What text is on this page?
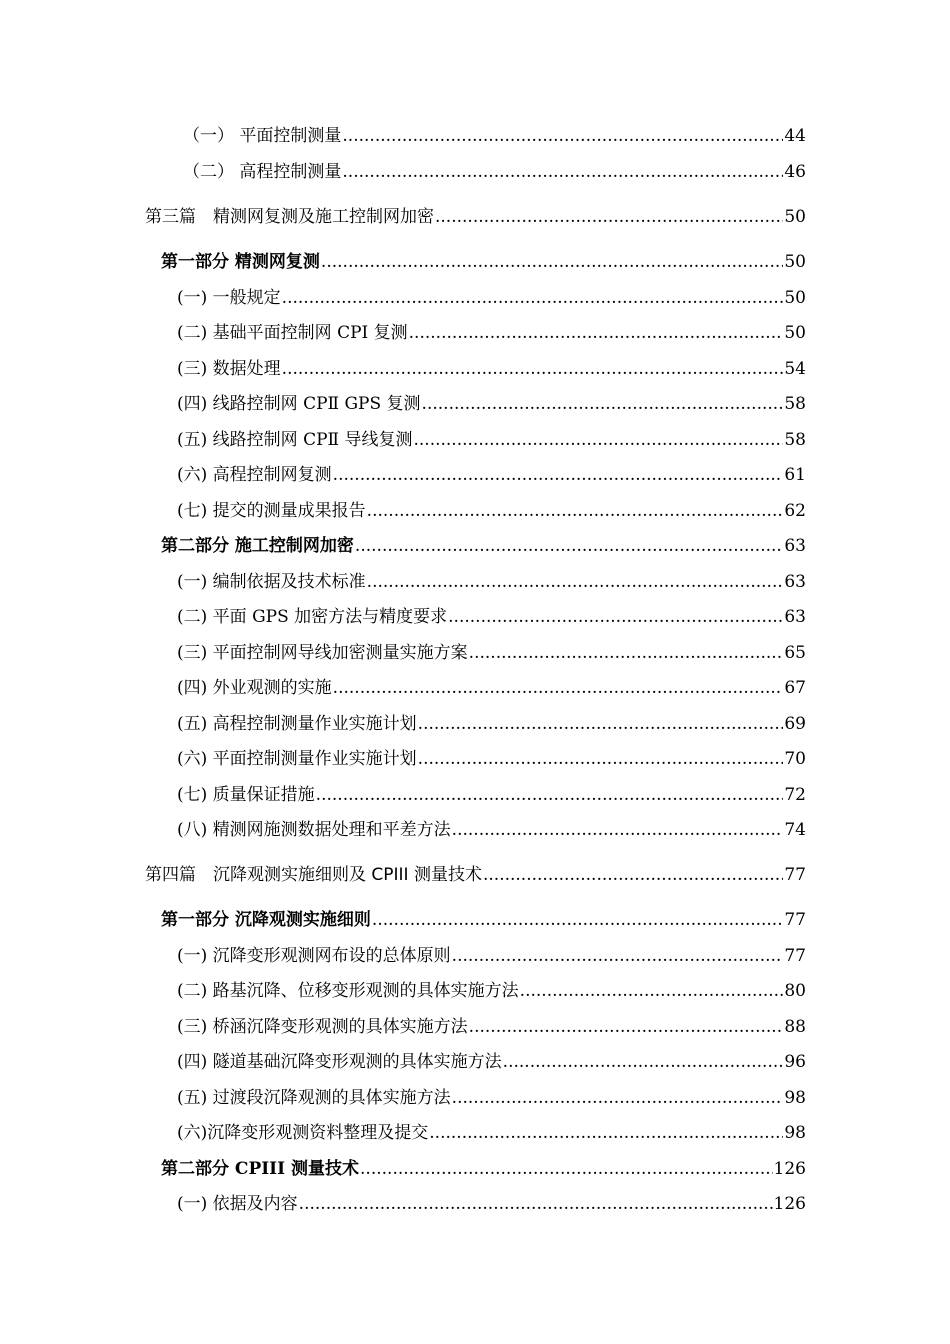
（一） 平面控制测量 .....	44
（二） 高程控制测量 .....	46
第三篇　精测网复测及施工控制网加密 .....	50
第一部分 精测网复测 .....	50
(一) 一般规定 .....	50
(二) 基础平面控制网 CPⅠ 复测 .....	50
(三) 数据处理 .....	54
(四) 线路控制网 CPⅡ GPS 复测 .....	58
(五) 线路控制网 CPⅡ 导线复测 .....	58
(六) 高程控制网复测 .....	61
(七) 提交的测量成果报告 .....	62
第二部分 施工控制网加密 .....	63
(一) 编制依据及技术标准 .....	63
(二) 平面 GPS 加密方法与精度要求 .....	63
(三) 平面控制网导线加密测量实施方案 .....	65
(四) 外业观测的实施 .....	67
(五) 高程控制测量作业实施计划 .....	69
(六) 平面控制测量作业实施计划 .....	70
(七) 质量保证措施 .....	72
(八) 精测网施测数据处理和平差方法 .....	74
第四篇　沉降观测实施细则及 CPIII 测量技术 .....	77
第一部分 沉降观测实施细则 .....	77
(一) 沉降变形观测网布设的总体原则 .....	77
(二) 路基沉降、位移变形观测的具体实施方法 .....	80
(三) 桥涵沉降变形观测的具体实施方法 .....	88
(四) 隧道基础沉降变形观测的具体实施方法 .....	96
(五) 过渡段沉降观测的具体实施方法 .....	98
(六)沉降变形观测资料整理及提交 .....	98
第二部分 CPIII 测量技术 .....	126
(一) 依据及内容 .....	126
